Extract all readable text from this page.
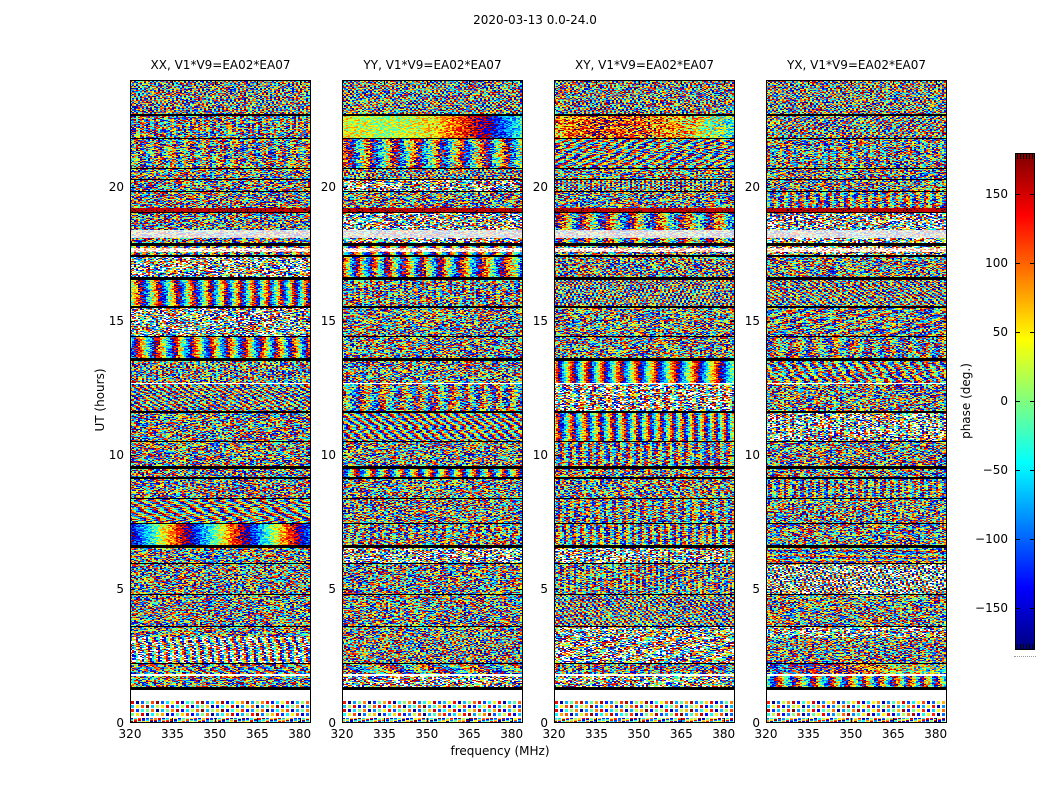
2020-03-13 0.0-24.0
UT (hours)
frequency (MHz)
XX, V1*V9=EA02*EA07
0
5
10
15
20
320	335	350	365	380
YY, V1*V9=EA02*EA07
0
5
10
15
20
320	335	350	365	380
XY, V1*V9=EA02*EA07
0
5
10
15
20
320	335	350	365	380
YX, V1*V9=EA02*EA07
0
5
10
15
20
320	335	350	365	380
−150
−100
−50
0
50
100
150
phase (deg.)
